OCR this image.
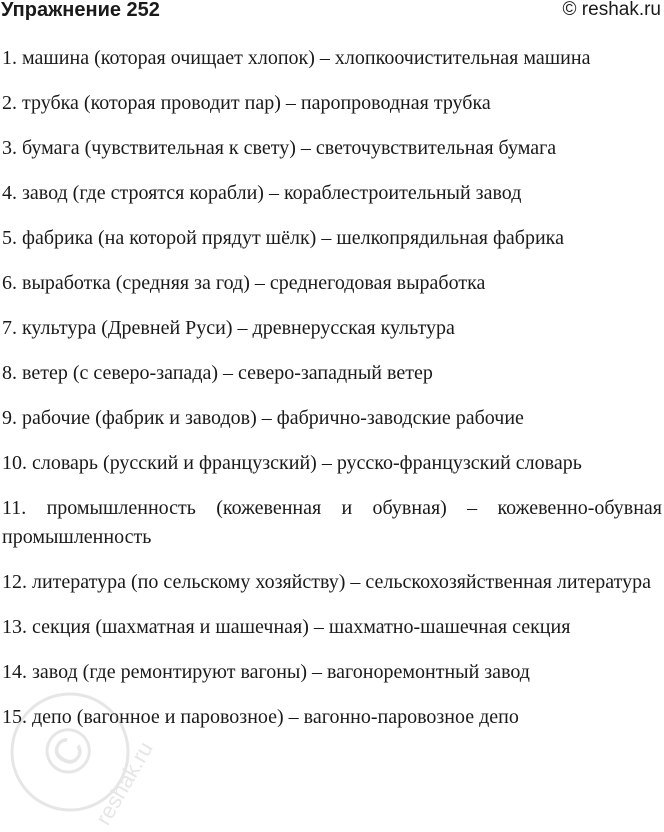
Упражнение 252	© reshak.ru
1. машина (которая очищает хлопок) – хлопкоочистительная машина
2. трубка (которая проводит пар) – паропроводная трубка
3. бумага (чувствительная к свету) – светочувствительная бумага
4. завод (где строятся корабли) – кораблестроительный завод
5. фабрика (на которой прядут шёлк) – шелкопрядильная фабрика
6. выработка (средняя за год) – среднегодовая выработка
7. культура (Древней Руси) – древнерусская культура
8. ветер (с северо-запада) – северо-западный ветер
9. рабочие (фабрик и заводов) – фабрично-заводские рабочие
10. словарь (русский и французский) – русско-французский словарь
11. промышленность (кожевенная и обувная) – кожевенно-обувная промышленность
12. литература (по сельскому хозяйству) – сельскохозяйственная литература
13. секция (шахматная и шашечная) – шахматно-шашечная секция
14. завод (где ремонтируют вагоны) – вагоноремонтный завод
15. депо (вагонное и паровозное) – вагонно-паровозное депо
©
reshak.ru
